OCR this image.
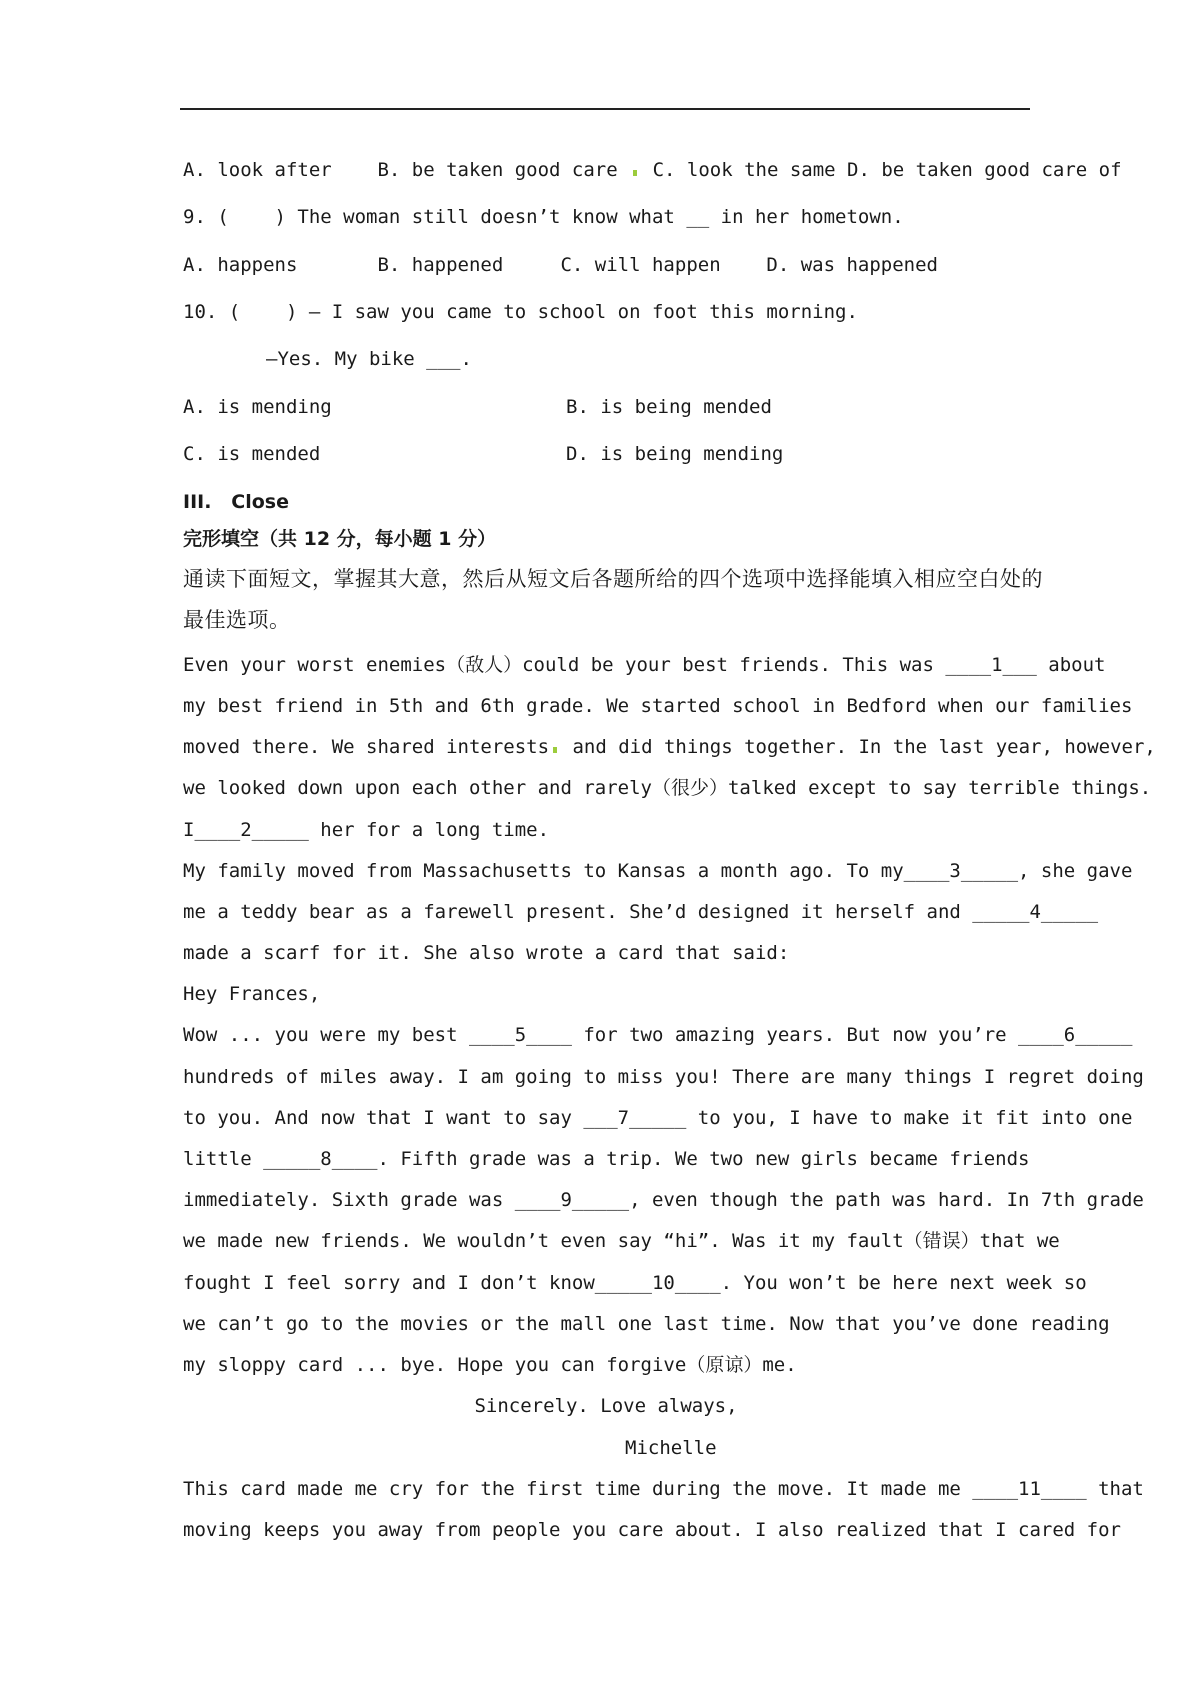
A. look after    B. be taken good care  C. look the same D. be taken good care of
9. (    ) The woman still doesn’t know what __ in her hometown.
A. happens       B. happened     C. will happen    D. was happened
10. (    ) — I saw you came to school on foot this morning.
—Yes. My bike ___.
A. is mending	B. is being mended
C. is mended	D. is being mending
III.   Close
完形填空（共 12 分，每小题 1 分）
通读下面短文，掌握其大意，然后从短文后各题所给的四个选项中选择能填入相应空白处的
最佳选项。
Even your worst enemies（敌人）could be your best friends. This was ____1___ about
my best friend in 5th and 6th grade. We started school in Bedford when our families
moved there. We shared interests and did things together. In the last year, however,
we looked down upon each other and rarely（很少）talked except to say terrible things.
I____2_____ her for a long time.
My family moved from Massachusetts to Kansas a month ago. To my____3_____, she gave
me a teddy bear as a farewell present. She’d designed it herself and _____4_____
made a scarf for it. She also wrote a card that said:
Hey Frances,
Wow ... you were my best ____5____ for two amazing years. But now you’re ____6_____
hundreds of miles away. I am going to miss you! There are many things I regret doing
to you. And now that I want to say ___7_____ to you, I have to make it fit into one
little _____8____. Fifth grade was a trip. We two new girls became friends
immediately. Sixth grade was ____9_____, even though the path was hard. In 7th grade
we made new friends. We wouldn’t even say “hi”. Was it my fault（错误）that we
fought I feel sorry and I don’t know_____10____. You won’t be here next week so
we can’t go to the movies or the mall one last time. Now that you’ve done reading
my sloppy card ... bye. Hope you can forgive（原谅）me.
Sincerely. Love always,
Michelle
This card made me cry for the first time during the move. It made me ____11____ that
moving keeps you away from people you care about. I also realized that I cared for
